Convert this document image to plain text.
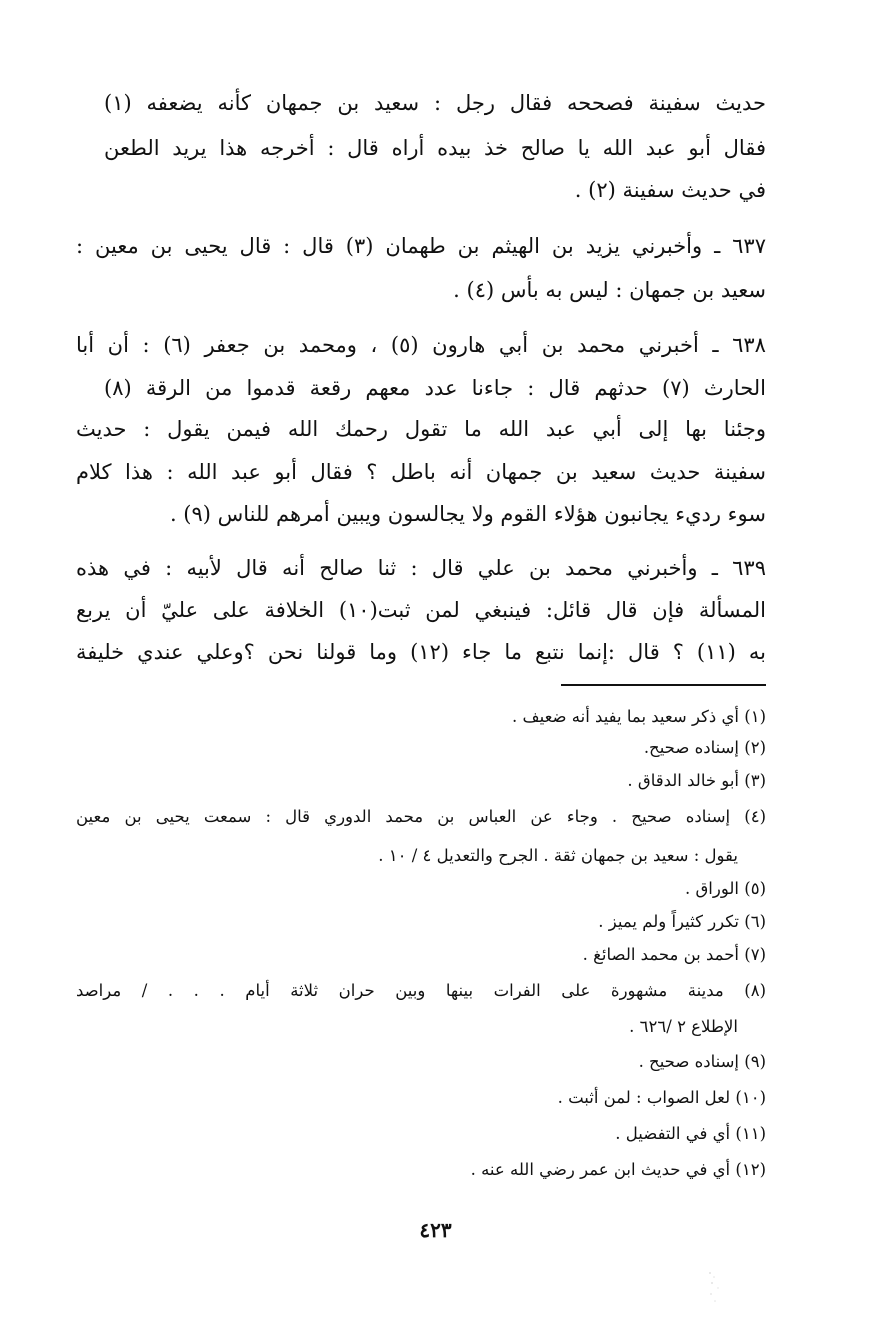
حديث سفينة فصححه فقال رجل : سعيد بن جمهان كأنه يضعفه (١)
فقال أبو عبد الله يا صالح خذ بيده أراه قال : أخرجه هذا يريد الطعن
في حديث سفينة (٢) .
٦٣٧ ـ وأخبرني يزيد بن الهيثم بن طهمان (٣) قال : قال يحيى بن معين :
سعيد بن جمهان : ليس به بأس (٤) .
٦٣٨ ـ أخبرني محمد بن أبي هارون (٥) ، ومحمد بن جعفر (٦) : أن أبا
الحارث (٧) حدثهم قال : جاءنا عدد معهم رقعة قدموا من الرقة (٨)
وجئنا بها إلى أبي عبد الله ما تقول رحمك الله فيمن يقول : حديث
سفينة حديث سعيد بن جمهان أنه باطل ؟ فقال أبو عبد الله : هذا كلام
سوء رديء يجانبون هؤلاء القوم ولا يجالسون ويبين أمرهم للناس (٩) .
٦٣٩ ـ وأخبرني محمد بن علي قال : ثنا صالح أنه قال لأبيه : في هذه
المسألة فإن قال قائل: فينبغي لمن ثبت(١٠) الخلافة على عليّ أن يربع
به (١١) ؟ قال :إنما نتبع ما جاء (١٢) وما قولنا نحن ؟وعلي عندي خليفة
(١) أي ذكر سعيد بما يفيد أنه ضعيف .
(٢) إسناده صحيح.
(٣) أبو خالد الدقاق .
(٤) إسناده صحيح . وجاء عن العباس بن محمد الدوري قال : سمعت يحيى بن معين
يقول : سعيد بن جمهان ثقة . الجرح والتعديل ٤ / ١٠ .
(٥) الوراق .
(٦) تكرر كثيراً ولم يميز .
(٧) أحمد بن محمد الصائغ .
(٨) مدينة مشهورة على الفرات بينها وبين حران ثلاثة أيام . . . / مراصد
الإطلاع ٢ /٦٢٦ .
(٩) إسناده صحيح .
(١٠) لعل الصواب : لمن أثبت .
(١١) أي في التفضيل .
(١٢) أي في حديث ابن عمر رضي الله عنه .
٤٢٣
